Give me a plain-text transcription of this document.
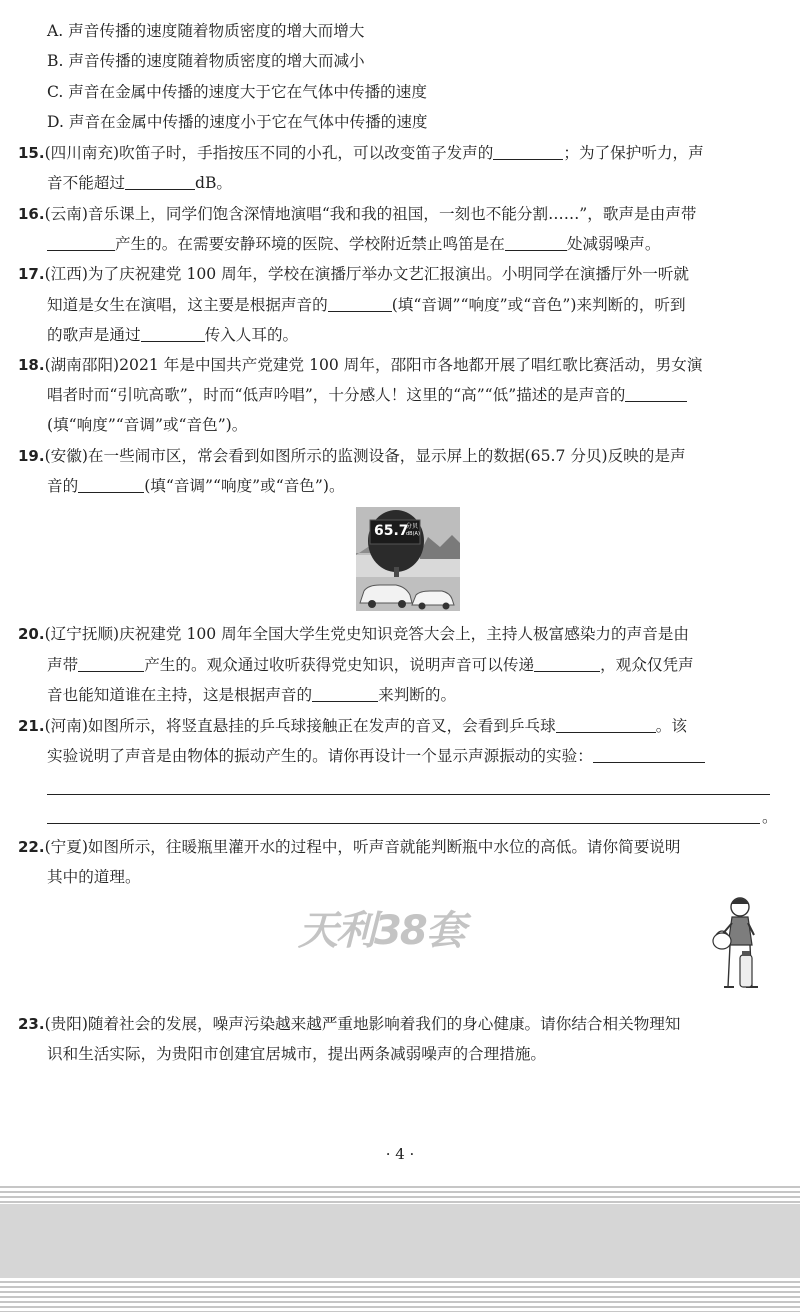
A. 声音传播的速度随着物质密度的增大而增大
B. 声音传播的速度随着物质密度的增大而减小
C. 声音在金属中传播的速度大于它在气体中传播的速度
D. 声音在金属中传播的速度小于它在气体中传播的速度
15.(四川南充)吹笛子时，手指按压不同的小孔，可以改变笛子发声的	；为了保护听力，声
音不能超过	dB。
16.(云南)音乐课上，同学们饱含深情地演唱“我和我的祖国，一刻也不能分割……”，歌声是由声带
产生的。在需要安静环境的医院、学校附近禁止鸣笛是在	处减弱噪声。
17.(江西)为了庆祝建党 100 周年，学校在演播厅举办文艺汇报演出。小明同学在演播厅外一听就
知道是女生在演唱，这主要是根据声音的	(填“音调”“响度”或“音色”)来判断的，听到
的歌声是通过	传入人耳的。
18.(湖南邵阳)2021 年是中国共产党建党 100 周年，邵阳市各地都开展了唱红歌比赛活动，男女演
唱者时而“引吭高歌”，时而“低声吟唱”，十分感人！这里的“高”“低”描述的是声音的
(填“响度”“音调”或“音色”)。
19.(安徽)在一些闹市区，常会看到如图所示的监测设备，显示屏上的数据(65.7 分贝)反映的是声
音的	(填“音调”“响度”或“音色”)。
65.7
分贝
dB(A)
20.(辽宁抚顺)庆祝建党 100 周年全国大学生党史知识竞答大会上，主持人极富感染力的声音是由
声带	产生的。观众通过收听获得党史知识，说明声音可以传递	，观众仅凭声
音也能知道谁在主持，这是根据声音的	来判断的。
21.(河南)如图所示，将竖直悬挂的乒乓球接触正在发声的音叉，会看到乒乓球	。该
实验说明了声音是由物体的振动产生的。请你再设计一个显示声源振动的实验：
。
22.(宁夏)如图所示，往暖瓶里灌开水的过程中，听声音就能判断瓶中水位的高低。请你简要说明
其中的道理。
天利38套
23.(贵阳)随着社会的发展，噪声污染越来越严重地影响着我们的身心健康。请你结合相关物理知
识和生活实际，为贵阳市创建宜居城市，提出两条减弱噪声的合理措施。
· 4 ·
